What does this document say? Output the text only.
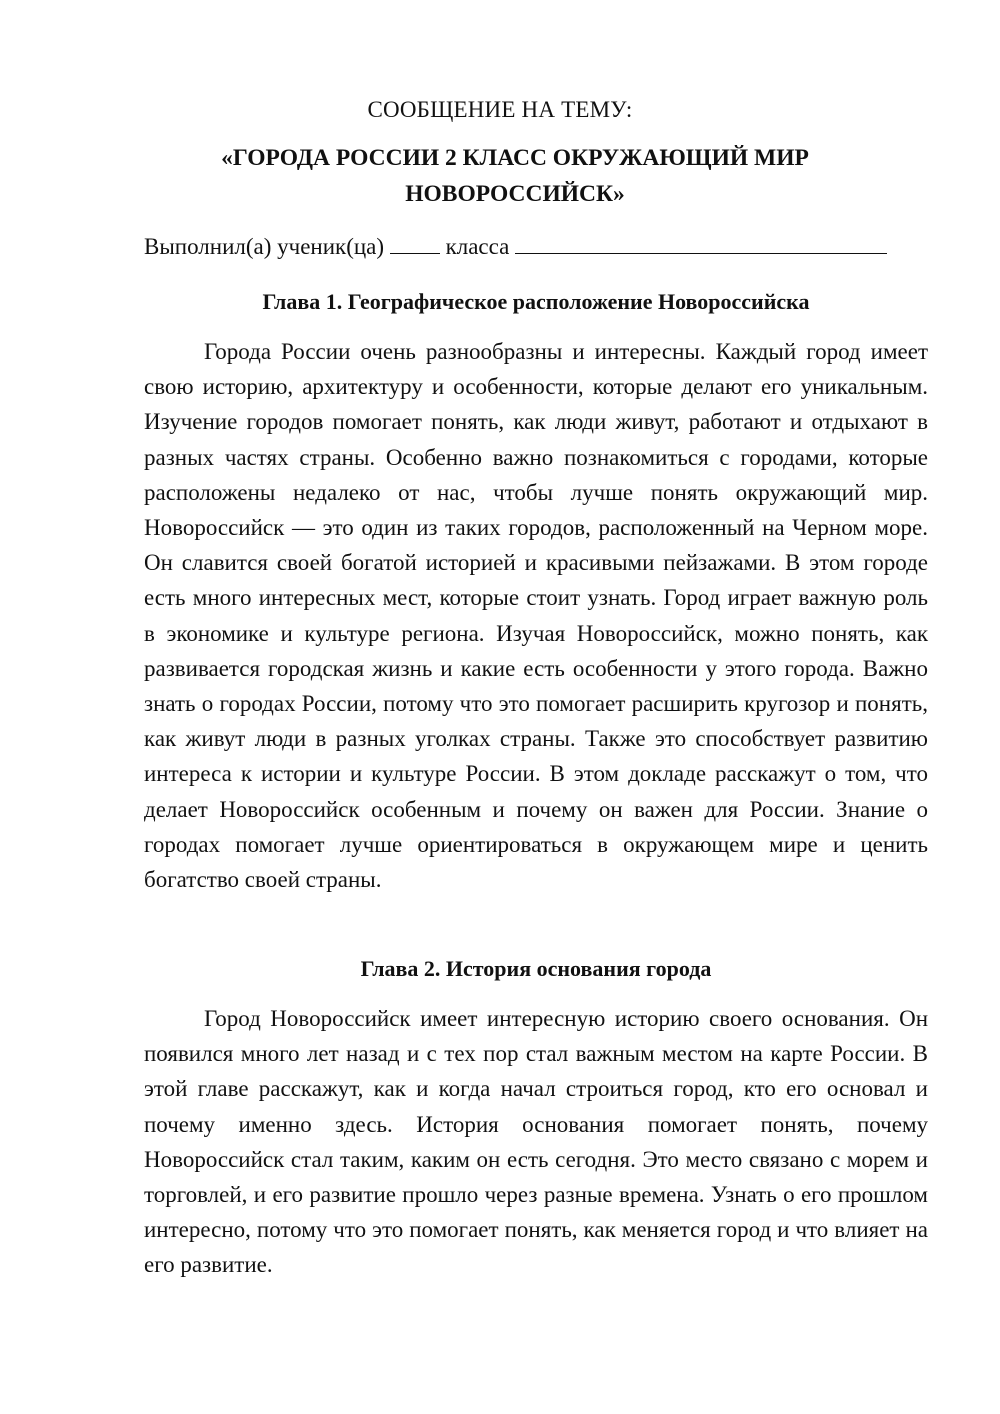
СООБЩЕНИЕ НА ТЕМУ:
«ГОРОДА РОССИИ 2 КЛАСС ОКРУЖАЮЩИЙ МИР НОВОРОССИЙСК»
Выполнил(а) ученик(ца)	класса
Глава 1. Географическое расположение Новороссийска

Города России очень разнообразны и интересны. Каждый город имеет свою историю, архитектуру и особенности, которые делают его уникальным. Изучение городов помогает понять, как люди живут, работают и отдыхают в разных частях страны. Особенно важно познакомиться с городами, которые расположены недалеко от нас, чтобы лучше понять окружающий мир. Новороссийск — это один из таких городов, расположенный на Черном море. Он славится своей богатой историей и красивыми пейзажами. В этом городе есть много интересных мест, которые стоит узнать. Город играет важную роль в экономике и культуре региона. Изучая Новороссийск, можно понять, как развивается городская жизнь и какие есть особенности у этого города. Важно знать о городах России, потому что это помогает расширить кругозор и понять, как живут люди в разных уголках страны. Также это способствует развитию интереса к истории и культуре России. В этом докладе расскажут о том, что делает Новороссийск особенным и почему он важен для России. Знание о городах помогает лучше ориентироваться в окружающем мире и ценить богатство своей страны.

Глава 2. История основания города

Город Новороссийск имеет интересную историю своего основания. Он появился много лет назад и с тех пор стал важным местом на карте России. В этой главе расскажут, как и когда начал строиться город, кто его основал и почему именно здесь. История основания помогает понять, почему Новороссийск стал таким, каким он есть сегодня. Это место связано с морем и торговлей, и его развитие прошло через разные времена. Узнать о его прошлом интересно, потому что это помогает понять, как меняется город и что влияет на его развитие.
